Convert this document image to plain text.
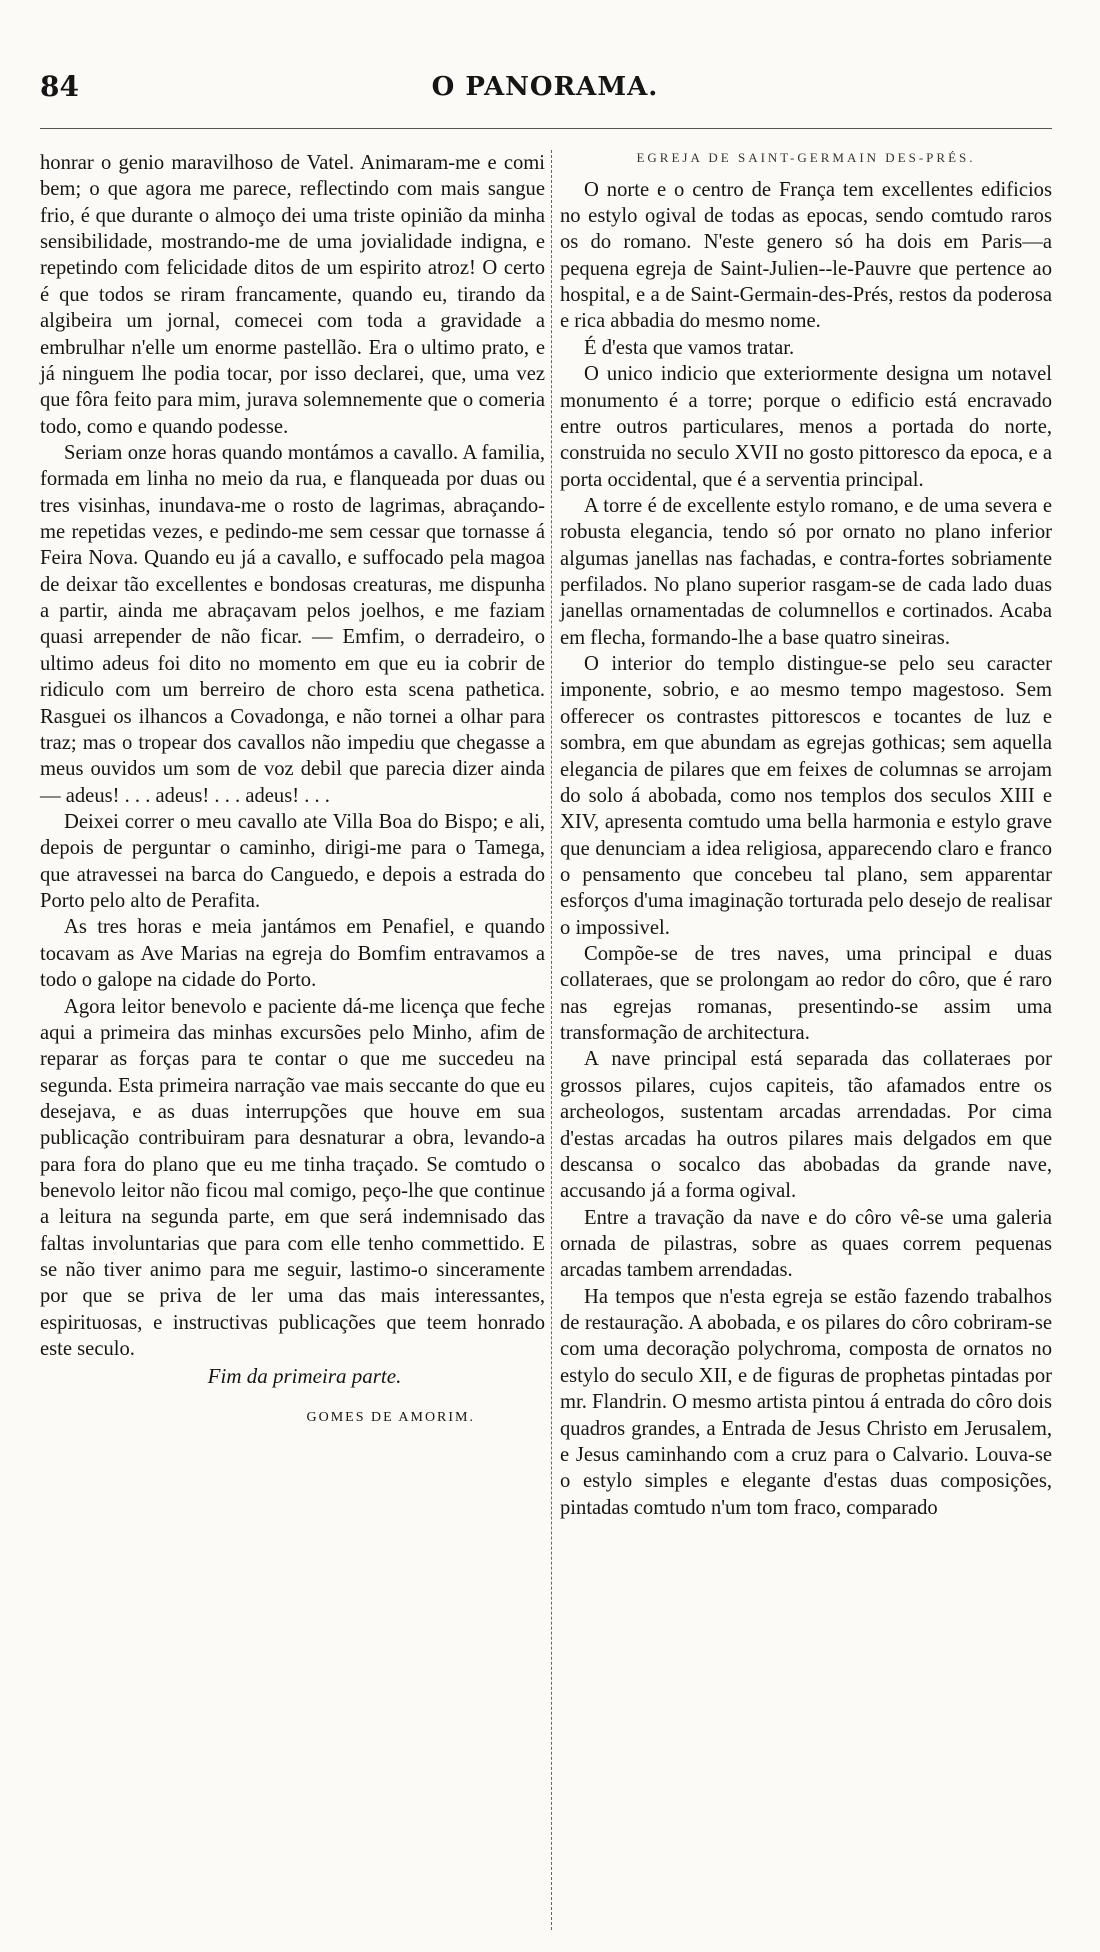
84	O PANORAMA.

honrar o genio maravilhoso de Vatel. Animaram-me e comi bem; o que agora me parece, reflectindo com mais sangue frio, é que durante o almoço dei uma triste opinião da minha sensibilidade, mostrando-me de uma jovialidade indigna, e repetindo com felicidade ditos de um espirito atroz! O certo é que todos se riram francamente, quando eu, tirando da algibeira um jornal, comecei com toda a gravidade a embrulhar n'elle um enorme pastellão. Era o ultimo prato, e já ninguem lhe podia tocar, por isso declarei, que, uma vez que fôra feito para mim, jurava solemnemente que o comeria todo, como e quando podesse.

Seriam onze horas quando montámos a cavallo. A familia, formada em linha no meio da rua, e flanqueada por duas ou tres visinhas, inundava-me o rosto de lagrimas, abraçando-me repetidas vezes, e pedindo-me sem cessar que tornasse á Feira Nova. Quando eu já a cavallo, e suffocado pela magoa de deixar tão excellentes e bondosas creaturas, me dispunha a partir, ainda me abraçavam pelos joelhos, e me faziam quasi arrepender de não ficar. — Emfim, o derradeiro, o ultimo adeus foi dito no momento em que eu ia cobrir de ridiculo com um berreiro de choro esta scena pathetica. Rasguei os ilhancos a Covadonga, e não tornei a olhar para traz; mas o tropear dos cavallos não impediu que chegasse a meus ouvidos um som de voz debil que parecia dizer ainda — adeus! . . . adeus! . . . adeus! . . .

Deixei correr o meu cavallo ate Villa Boa do Bispo; e ali, depois de perguntar o caminho, dirigi-me para o Tamega, que atravessei na barca do Canguedo, e depois a estrada do Porto pelo alto de Perafita.

As tres horas e meia jantámos em Penafiel, e quando tocavam as Ave Marias na egreja do Bomfim entravamos a todo o galope na cidade do Porto.

Agora leitor benevolo e paciente dá-me licença que feche aqui a primeira das minhas excursões pelo Minho, afim de reparar as forças para te contar o que me succedeu na segunda. Esta primeira narração vae mais seccante do que eu desejava, e as duas interrupções que houve em sua publicação contribuiram para desnaturar a obra, levando-a para fora do plano que eu me tinha traçado. Se comtudo o benevolo leitor não ficou mal comigo, peço-lhe que continue a leitura na segunda parte, em que será indemnisado das faltas involuntarias que para com elle tenho commettido. E se não tiver animo para me seguir, lastimo-o sinceramente por que se priva de ler uma das mais interessantes, espirituosas, e instructivas publicações que teem honrado este seculo.

Fim da primeira parte.

GOMES DE AMORIM.
EGREJA DE SAINT-GERMAIN DES-PRÉS.

O norte e o centro de França tem excellentes edificios no estylo ogival de todas as epocas, sendo comtudo raros os do romano. N'este genero só ha dois em Paris—a pequena egreja de Saint-Julien--le-Pauvre que pertence ao hospital, e a de Saint-Germain-des-Prés, restos da poderosa e rica abbadia do mesmo nome.

É d'esta que vamos tratar.

O unico indicio que exteriormente designa um notavel monumento é a torre; porque o edificio está encravado entre outros particulares, menos a portada do norte, construida no seculo XVII no gosto pittoresco da epoca, e a porta occidental, que é a serventia principal.

A torre é de excellente estylo romano, e de uma severa e robusta elegancia, tendo só por ornato no plano inferior algumas janellas nas fachadas, e contra-fortes sobriamente perfilados. No plano superior rasgam-se de cada lado duas janellas ornamentadas de columnellos e cortinados. Acaba em flecha, formando-lhe a base quatro sineiras.

O interior do templo distingue-se pelo seu caracter imponente, sobrio, e ao mesmo tempo magestoso. Sem offerecer os contrastes pittorescos e tocantes de luz e sombra, em que abundam as egrejas gothicas; sem aquella elegancia de pilares que em feixes de columnas se arrojam do solo á abobada, como nos templos dos seculos XIII e XIV, apresenta comtudo uma bella harmonia e estylo grave que denunciam a idea religiosa, apparecendo claro e franco o pensamento que concebeu tal plano, sem apparentar esforços d'uma imaginação torturada pelo desejo de realisar o impossivel.

Compõe-se de tres naves, uma principal e duas collateraes, que se prolongam ao redor do côro, que é raro nas egrejas romanas, presentindo-se assim uma transformação de architectura.

A nave principal está separada das collateraes por grossos pilares, cujos capiteis, tão afamados entre os archeologos, sustentam arcadas arrendadas. Por cima d'estas arcadas ha outros pilares mais delgados em que descansa o socalco das abobadas da grande nave, accusando já a forma ogival.

Entre a travação da nave e do côro vê-se uma galeria ornada de pilastras, sobre as quaes correm pequenas arcadas tambem arrendadas.

Ha tempos que n'esta egreja se estão fazendo trabalhos de restauração. A abobada, e os pilares do côro cobriram-se com uma decoração polychroma, composta de ornatos no estylo do seculo XII, e de figuras de prophetas pintadas por mr. Flandrin. O mesmo artista pintou á entrada do côro dois quadros grandes, a Entrada de Jesus Christo em Jerusalem, e Jesus caminhando com a cruz para o Calvario. Louva-se o estylo simples e elegante d'estas duas composições, pintadas comtudo n'um tom fraco, comparado
